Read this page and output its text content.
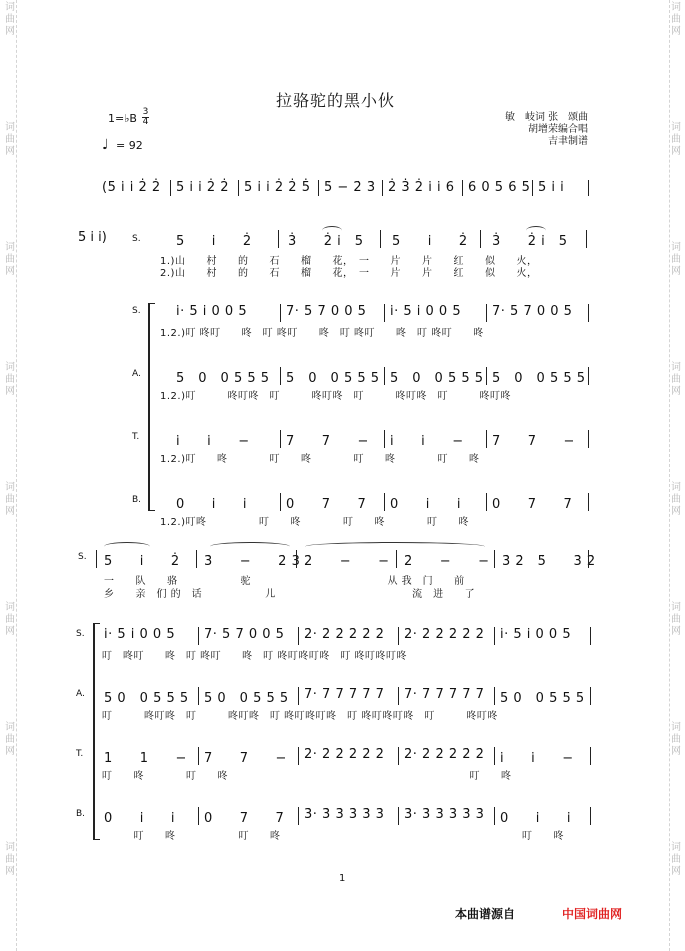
词
曲
网
词
曲
网
词
曲
网
词
曲
网
词
曲
网
词
曲
网
词
曲
网
词
曲
网
词
曲
网
词
曲
网
词
曲
网
词
曲
网
词
曲
网
词
曲
网
词
曲
网
词
曲
网
拉骆驼的黑小伙
1=♭B 3
4
♩ = 92
敏　岐词 张　颂曲
胡增荣编合唱
吉聿制谱
(5 i̇ i̇ 2̇ 2̇ 5 i̇ i̇ 2̇ 2̇ 5 i̇ i̇ 2̇ 2̇ 5̇ 5̇ − 2̇ 3̇ 2̇ 3̇ 2̇ i̇ i̇ 6 6 0 5 6 5 5 i̇ i̇
5 i̇ i̇)	S.	5　　i̇　　2̇	3̇　　2̇ i̇　5 5　　i̇　　2̇ 3̇　　2̇ i̇　5
1.)山　　村　　的　　石　　榴　　花，　一　　片　　片　　红　　似　　火，
2.)山　　村　　的　　石　　榴　　花，　一　　片　　片　　红　　似　　火，
S.	i̇· 5 i̇ 0 0 5	7· 5 7 0 0 5 i̇· 5 i̇ 0 0 5 7· 5 7 0 0 5
1.2.)叮 咚叮　　咚　叮 咚叮　　咚　叮 咚叮　　咚　叮 咚叮　　咚
A.	5　0　0 5 5 5 5　0　0 5 5 5 5　0　0 5 5 5 5　0　0 5 5 5
1.2.)叮　　　咚叮咚　叮　　　咚叮咚　叮　　　咚叮咚　叮　　　咚叮咚
T.	i̇　　i̇　　−	7　　7　　− i̇　　i̇　　− 7　　7　　−
1.2.)叮　　咚　　　　叮　　咚　　　　叮　　咚　　　　叮　　咚
B.	0　　i̇　　i̇	0　　7　　7 0　　i̇　　i̇ 0　　7　　7
1.2.)叮咚　　　　　叮　　咚　　　　叮　　咚　　　　叮　　咚
S. 5　　i̇　　2̇ 3̇　　−　　2̇ 3̇ 2̇　　−　　− 2̇　　−　　− 3̇ 2̇　5̇　　3̇ 2̇
一　　队　　骆　　　　　　驼　　　　　　　　　　　　　从 我　门　　前
乡　　亲　们 的　话　　　　　　儿　　　　　　　　　　　　　流　进　　了
S. i̇· 5 i̇ 0 0 5 7· 5 7 0 0 5 2̇· 2̇ 2̇ 2̇ 2̇ 2̇ 2̇· 2̇ 2̇ 2̇ 2̇ 2̇ i̇· 5 i̇ 0 0 5
叮　咚叮　　咚　叮 咚叮　　咚　叮 咚叮咚叮咚　叮 咚叮咚叮咚
A. 5 0　0 5 5 5 5 0　0 5 5 5 7· 7 7 7 7 7 7· 7 7 7 7 7 5 0　0 5 5 5
叮　　　咚叮咚　叮　　　咚叮咚　叮 咚叮咚叮咚　叮 咚叮咚叮咚　叮　　　咚叮咚
T. 1　　1　　− 7　　7　　− 2̇· 2̇ 2̇ 2̇ 2̇ 2̇ 2̇· 2̇ 2̇ 2̇ 2̇ 2̇ i̇　　i̇　　−
叮　　咚　　　　叮　　咚　　　　　　　　　　　　　　　　　　　　　　　叮　　咚
B. 0　　i̇　　i̇ 0　　7　　7 3̇· 3̇ 3̇ 3̇ 3̇ 3̇ 3̇· 3̇ 3̇ 3̇ 3̇ 3̇ 0　　i̇　　i̇
　　　叮　　咚　　　　　　叮　　咚　　　　　　　　　　　　　　　　　　　　　　　叮　　咚
1
本曲谱源自	中国词曲网
